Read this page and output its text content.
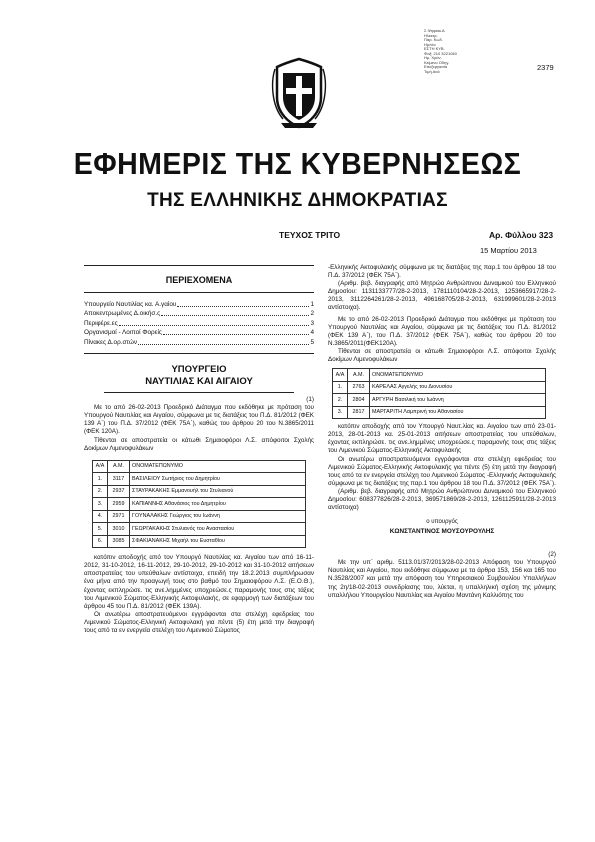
Σ.Ψηφιακ.Α
Ηλεκτρ.
Παρ. Κωδ.
Ημ/νία
ΕΣΤΗ ΚΥΒ.
Φαξ: 210 3221040
Ημ. Χρόν.
Κείμενο Οδηγ.
Επεξεργασία
Τιμή Ανά	2379
ΕΦΗΜΕΡΙΣ ΤΗΣ ΚΥΒΕΡΝΗΣΕΩΣ
ΤΗΣ ΕΛΛΗΝΙΚΗΣ ΔΗΜΟΚΡΑΤΙΑΣ
ΤΕΥΧΟΣ ΤΡΙΤΟ	Αρ. Φύλλου 323
15 Μαρτίου 2013
ΠΕΡΙΕΧΟΜΕΝΑ
Υπουργείο Ναυτιλίας κα. Α.γαίου	1
Αποκεντρωμένες Δ.οικήσ.ς	2
Περιφέρε.ες	3
Οργανισμοί - Λοιποί Φορείς	4
Πίνακες Δ.ορ.στών	5
ΥΠΟΥΡΓΕΙΟ
ΝΑΥΤΙΛΙΑΣ ΚΑΙ ΑΙΓΑΙΟΥ
(1)

Με το από 26-02-2013 Προεδρικό Διάταγμα που εκδόθηκε με πρόταση του Υπουργού Ναυτιλίας και Αιγαίου, σύμφωνα με τις διατάξεις του Π.Δ. 81/2012 (ΦΕΚ 139 Α΄) του Π.Δ. 37/2012 (ΦΕΚ 75Α΄), καθώς του άρθρου 20 του Ν.3865/2011 (ΦΕΚ 120Α).

Τίθενται σε αποστρατεία οι κάτωθι Σημαιοφόροι Λ.Σ. απόφοιτοι Σχολής Δοκίμων Λιμενοφυλάκων

Α/Α	Α.Μ.	ΟΝΟΜΑΤΕΠΩΝΥΜΟ
1.	3117	ΒΑΣΙΛΕΙΟΥ Σωτήριος του Δημητρίου
2.	2937	ΣΤΑΥΡΑΚΑΚΗΣ Εμμανουήλ του Στυλιανού
3.	2959	ΚΑΠΙΑΝΝΗΣ Αθανάσιος του Δημητρίου
4.	2971	ΓΟΥΝΑΛΑΚΗΣ Γεώργιος του Ιωάννη
5.	3010	ΓΕΩΡΓΑΚΑΚΗΣ Στυλιανός του Αναστασίου
6.	3085	ΣΦΑΚΙΑΝΑΚΗΣ Μιχαήλ του Ευσταθίου

κατόπιν αποδοχής από τον Υπουργό Ναυτιλίας κα. Αιγαίου των από 16-11-2012, 31-10-2012, 16-11-2012, 29-10-2012, 29-10-2012 και 31-10-2012 αιτήσεων αποστρατείας του υπεύθαλων αντίστοιχα, επειδή την 18.2.2013 συμπλήρωσαν ένα μήνα από την προαγωγή τους στο βαθμό του Σημαιοφόρου Λ.Σ. (Ε.Ο.Θ.), έχοντας εκπληρώσε. τις ανε.λημμένες υποχρεώσε.ς παραμονής τους στις τάξεις του Λιμενικού Σώματος-Ελληνικής Ακτοφυλακής, σε εφαρμογή των διατάξεων του άρθρου 45 του Π.Δ. 81/2012 (ΦΕΚ 139Α).

Οι ανωτέρω αποστρατευόμενοι εγγράφονται στα στελέχη εφεδρείας του Λιμενικού Σώματος-Ελληνική Ακτοφυλακή για πέντε (5) έτη μετά την διαγραφή τους από τα εν ενεργεία στελέχη του Λιμενικού Σώματος

-Ελληνικής Ακτοφυλακής σύμφωνα με τις διατάξεις της παρ.1 του άρθρου 18 του Π.Δ. 37/2012 (ΦΕΚ 75Α΄).

(Αριθμ. βεβ. διαγραφής από Μητρώο Ανθρώπινου Δυναμικού του Ελληνικού Δημοσίου: 1131133777/28-2-2013, 1781110104/28-2-2013, 1253665917/28-2-2013, 3112264261/28-2-2013, 496168705/28-2-2013, 631999601/28-2-2013 αντίστοιχα).

Με το από 26-02-2013 Προεδρικό Διάταγμα που εκδόθηκε με πρόταση του Υπουργού Ναυτιλίας και Αιγαίου, σύμφωνα με τις διατάξεις του Π.Δ. 81/2012 (ΦΕΚ 139 Α΄), του Π.Δ. 37/2012 (ΦΕΚ 75Α΄), καθώς του άρθρου 20 του Ν.3865/2011(ΦΕΚ120Α).

Τίθενται σε αποστρατεία οι κάτωθι Σημαιοφόροι Λ.Σ. απόφοιτοι Σχολής Δοκίμων Λιμενοφυλάκων

Α/Α	Α.Μ.	ΟΝΟΜΑΤΕΠΩΝΥΜΟ
1.	2763	ΚΑΡΕΛΑΣ Αγγελής του Διονυσίου
2.	2804	ΑΡΓΥΡΗ Βασιλική του Ιωάννη
3.	2817	ΜΑΡΓΑΡΙΤΗ Λαμπρινή του Αθανασίου

κατόπιν αποδοχής από τον Υπουργό Ναυτ.λίας κα. Αιγαίου των από 23-01-2013, 28-01-2013 κα. 25-01-2013 αιτήσεων αποστρατείας του υπεύθαλων, έχοντας εκπληρώσε. τις ανε.λημμένες υποχρεώσε.ς παραμονής τους στις τάξεις του Λιμενικού Σώματος-Ελληνικής Ακτοφυλακής

Οι ανωτέρω αποστρατευόμενοι εγγράφονται στα στελέχη εφεδρείας του Λιμενικού Σώματος-Ελληνικής Ακτοφυλακής για πέντε (5) έτη μετά την διαγραφή τους από τα εν ενεργεία στελέχη του Λιμενικού Σώματος -Ελληνικής Ακτοφυλακής σύμφωνα με τις διατάξεις της παρ.1 του άρθρου 18 του Π.Δ. 37/2012 (ΦΕΚ 75Α΄).

(Αριθμ. βεβ. διαγραφής από Μητρώο Ανθρώπινου Δυναμικού του Ελληνικού Δημοσίου: 608377826/28-2-2013, 369571869/28-2-2013, 1261125911/28-2-2013 αντίστοιχα)

ο υπουργός
ΚΩΝΣΤΑΝΤΙΝΟΣ ΜΟΥΣΟΥΡΟΥΛΗΣ
(2)

Με την υπ΄ αριθμ. 5113.01/37/2013/28-02-2013 Απόφαση του Υπουργού Ναυτιλίας και Αιγαίου, που εκδόθηκε σύμφωνα με τα άρθρα 153, 156 και 165 του Ν.3528/2007 και μετά την απόφαση του Υπηρεσιακού Συμβουλίου Υπαλλήλων της 2η/18-02-2013 συνεδρίασης του, λύεται, η υπαλληλική σχέση της μόνιμης υπαλλήλου Υπουργείου Ναυτιλίας και Αιγαίου Μαντάνη Καλλιόπης του
